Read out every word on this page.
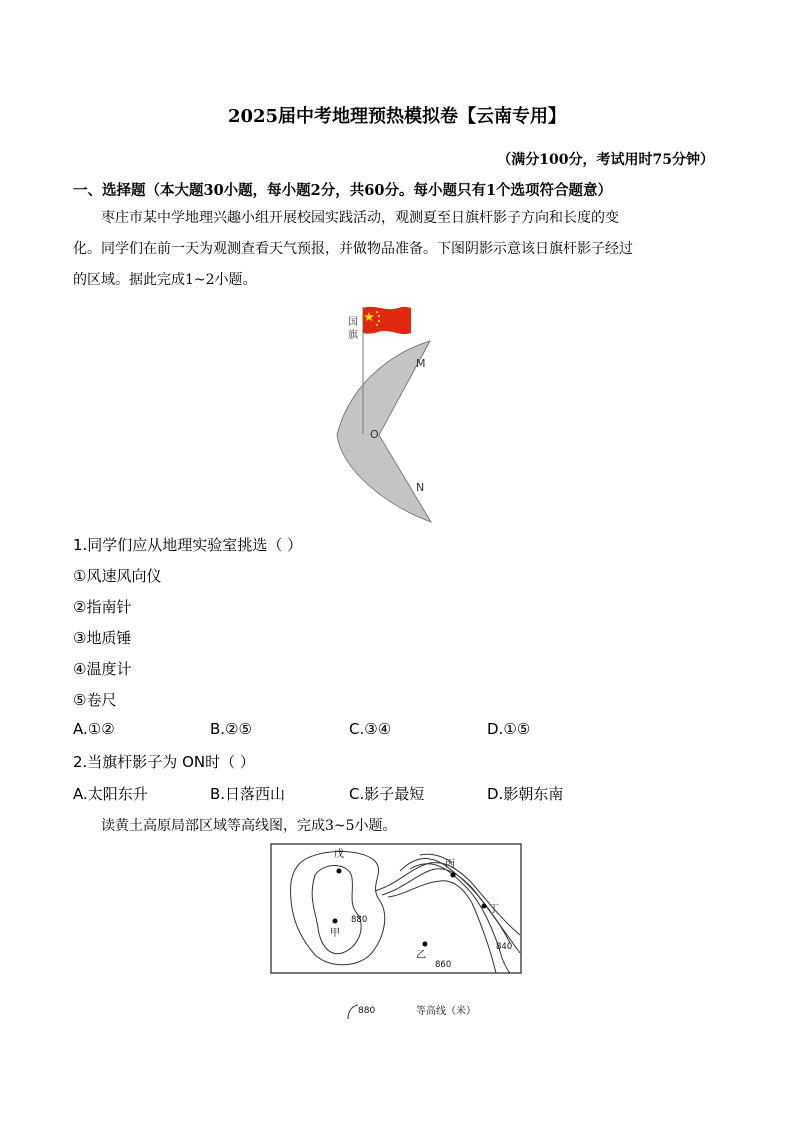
2025届中考地理预热模拟卷【云南专用】
（满分100分，考试用时75分钟）
一、选择题（本大题30小题，每小题2分，共60分。每小题只有1个选项符合题意）
枣庄市某中学地理兴趣小组开展校园实践活动，观测夏至日旗杆影子方向和长度的变
化。同学们在前一天为观测查看天气预报，并做物品准备。下图阴影示意该日旗杆影子经过
的区域。据此完成1~2小题。
国
旗
M
O
N
1.同学们应从地理实验室挑选（ ）
①风速风向仪
②指南针
③地质锤
④温度计
⑤卷尺
A.①②	B.②⑤	C.③④	D.①⑤
2.当旗杆影子为 ON时（ ）
A.太阳东升	B.日落西山	C.影子最短	D.影朝东南
读黄土高原局部区域等高线图，完成3~5小题。
戊
丙
丁
甲
乙
880
860
840
880	等高线（米）
